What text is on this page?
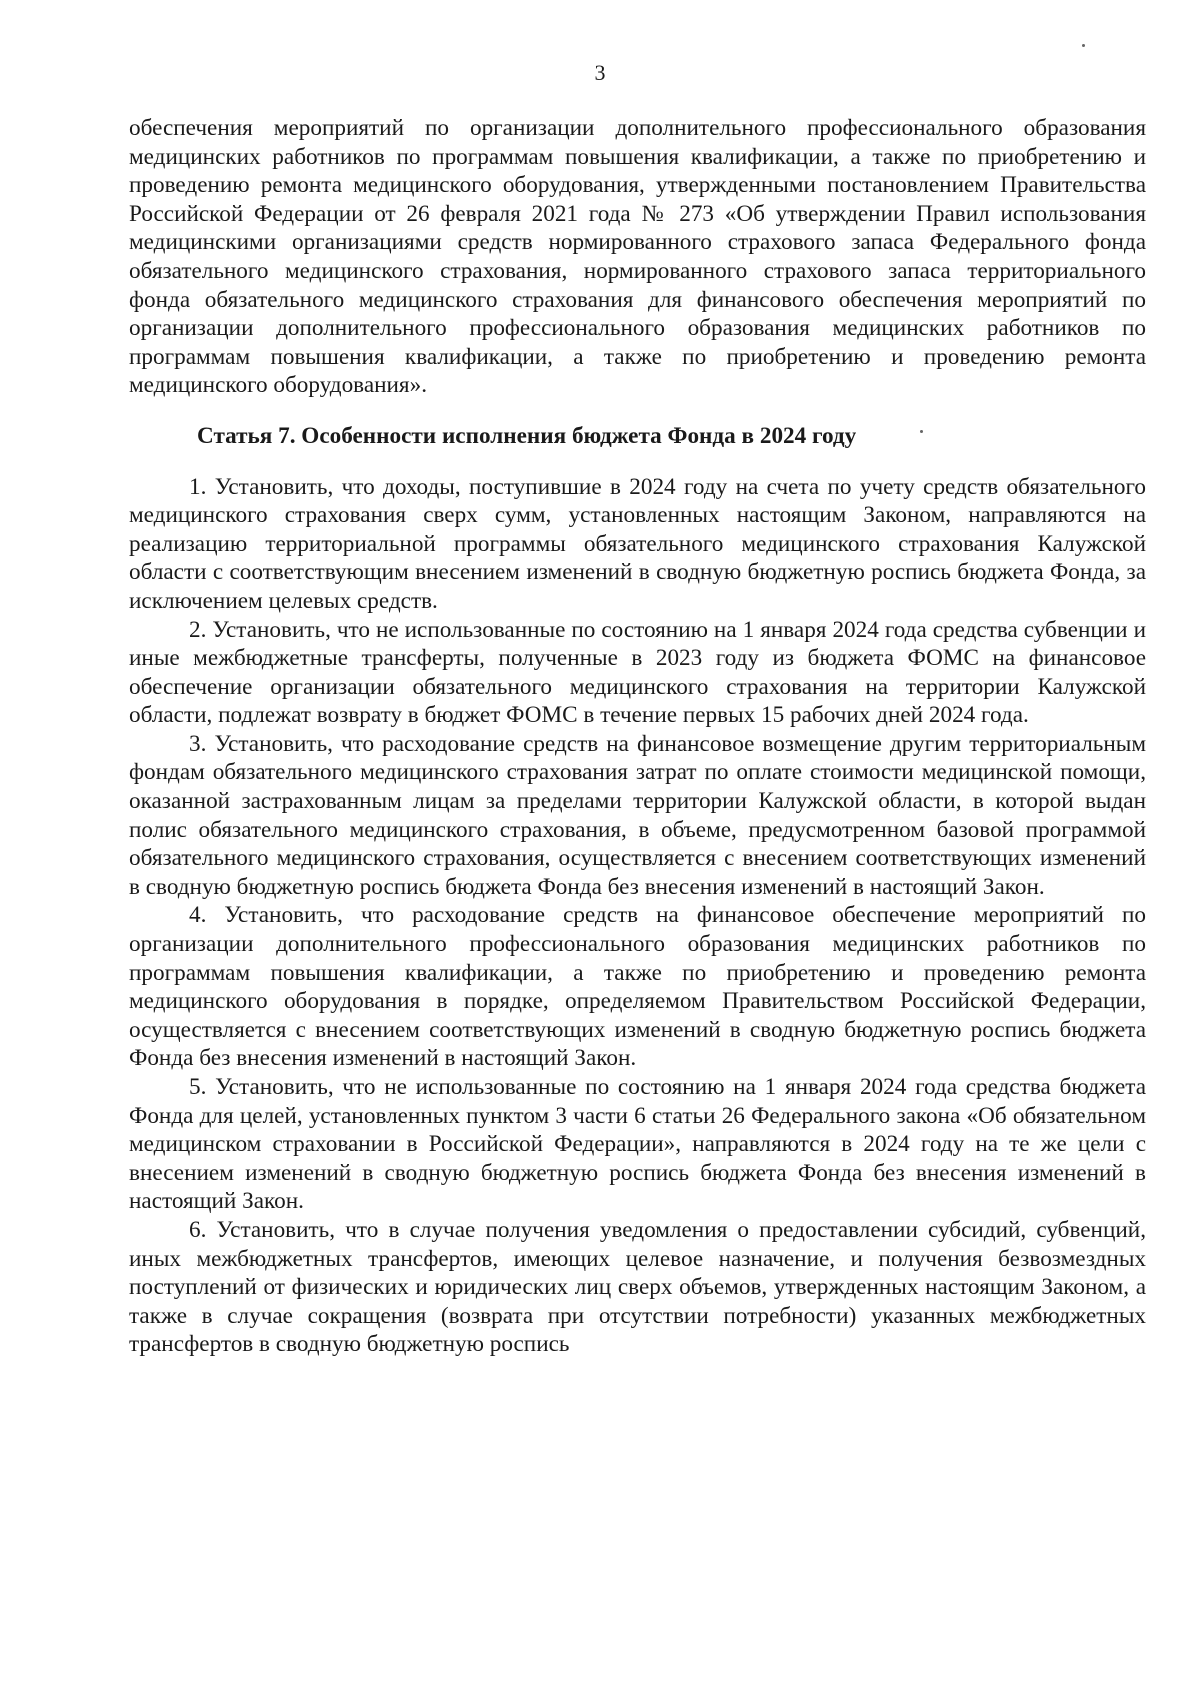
3

обеспечения мероприятий по организации дополнительного профессионального образования медицинских работников по программам повышения квалификации, а также по приобретению и проведению ремонта медицинского оборудования, утвержденными постановлением Правительства Российской Федерации от 26 февраля 2021 года № 273 «Об утверждении Правил использования медицинскими организациями средств нормированного страхового запаса Федерального фонда обязательного медицинского страхования, нормированного страхового запаса территориального фонда обязательного медицинского страхования для финансового обеспечения мероприятий по организации дополнительного профессионального образования медицинских работников по программам повышения квалификации, а также по приобретению и проведению ремонта медицинского оборудования».

Статья 7. Особенности исполнения бюджета Фонда в 2024 году

1. Установить, что доходы, поступившие в 2024 году на счета по учету средств обязательного медицинского страхования сверх сумм, установленных настоящим Законом, направляются на реализацию территориальной программы обязательного медицинского страхования Калужской области с соответствующим внесением изменений в сводную бюджетную роспись бюджета Фонда, за исключением целевых средств.

2. Установить, что не использованные по состоянию на 1 января 2024 года средства субвенции и иные межбюджетные трансферты, полученные в 2023 году из бюджета ФОМС на финансовое обеспечение организации обязательного медицинского страхования на территории Калужской области, подлежат возврату в бюджет ФОМС в течение первых 15 рабочих дней 2024 года.

3. Установить, что расходование средств на финансовое возмещение другим территориальным фондам обязательного медицинского страхования затрат по оплате стоимости медицинской помощи, оказанной застрахованным лицам за пределами территории Калужской области, в которой выдан полис обязательного медицинского страхования, в объеме, предусмотренном базовой программой обязательного медицинского страхования, осуществляется с внесением соответствующих изменений в сводную бюджетную роспись бюджета Фонда без внесения изменений в настоящий Закон.

4. Установить, что расходование средств на финансовое обеспечение мероприятий по организации дополнительного профессионального образования медицинских работников по программам повышения квалификации, а также по приобретению и проведению ремонта медицинского оборудования в порядке, определяемом Правительством Российской Федерации, осуществляется с внесением соответствующих изменений в сводную бюджетную роспись бюджета Фонда без внесения изменений в настоящий Закон.

5. Установить, что не использованные по состоянию на 1 января 2024 года средства бюджета Фонда для целей, установленных пунктом 3 части 6 статьи 26 Федерального закона «Об обязательном медицинском страховании в Российской Федерации», направляются в 2024 году на те же цели с внесением изменений в сводную бюджетную роспись бюджета Фонда без внесения изменений в настоящий Закон.

6. Установить, что в случае получения уведомления о предоставлении субсидий, субвенций, иных межбюджетных трансфертов, имеющих целевое назначение, и получения безвозмездных поступлений от физических и юридических лиц сверх объемов, утвержденных настоящим Законом, а также в случае сокращения (возврата при отсутствии потребности) указанных межбюджетных трансфертов в сводную бюджетную роспись
